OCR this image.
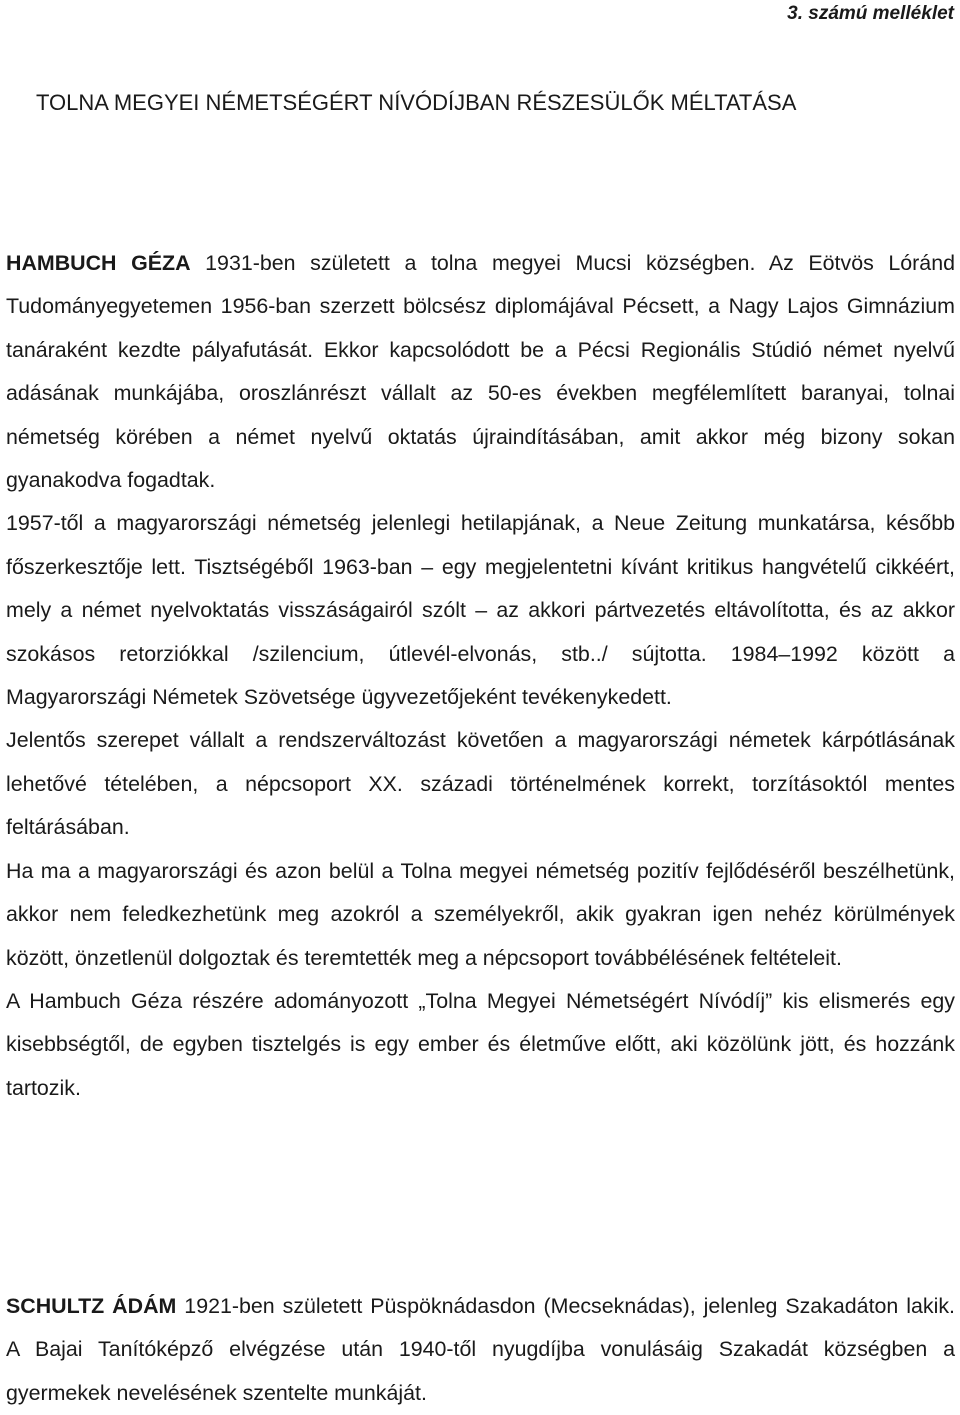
3. számú melléklet
TOLNA MEGYEI NÉMETSÉGÉRT NÍVÓDÍJBAN RÉSZESÜLŐK MÉLTATÁSA

HAMBUCH GÉZA 1931-ben született a tolna megyei Mucsi községben. Az Eötvös Lóránd Tudományegyetemen 1956-ban szerzett bölcsész diplomájával Pécsett, a Nagy Lajos Gimnázium tanáraként kezdte pályafutását. Ekkor kapcsolódott be a Pécsi Regionális Stúdió német nyelvű adásának munkájába, oroszlánrészt vállalt az 50-es években megfélemlített baranyai, tolnai németség körében a német nyelvű oktatás újraindításában, amit akkor még bizony sokan gyanakodva fogadtak.

1957-től a magyarországi németség jelenlegi hetilapjának, a Neue Zeitung munkatársa, később főszerkesztője lett. Tisztségéből 1963-ban – egy megjelentetni kívánt kritikus hangvételű cikkéért, mely a német nyelvoktatás visszáságairól szólt – az akkori pártvezetés eltávolította, és az akkor szokásos retorziókkal /szilencium, útlevél-elvonás, stb../ sújtotta. 1984–1992 között a Magyarországi Németek Szövetsége ügyvezetőjeként tevékenykedett.

Jelentős szerepet vállalt a rendszerváltozást követően a magyarországi németek kárpótlásának lehetővé tételében, a népcsoport XX. századi történelmének korrekt, torzításoktól mentes feltárásában.

Ha ma a magyarországi és azon belül a Tolna megyei németség pozitív fejlődéséről beszélhetünk, akkor nem feledkezhetünk meg azokról a személyekről, akik gyakran igen nehéz körülmények között, önzetlenül dolgoztak és teremtették meg a népcsoport továbbélésének feltételeit.

A Hambuch Géza részére adományozott „Tolna Megyei Németségért Nívódíj” kis elismerés egy kisebbségtől, de egyben tisztelgés is egy ember és életműve előtt, aki közölünk jött, és hozzánk tartozik.

SCHULTZ ÁDÁM 1921-ben született Püspöknádasdon (Mecseknádas), jelenleg Szakadáton lakik. A Bajai Tanítóképző elvégzése után 1940-től nyugdíjba vonulásáig Szakadát községben a gyermekek nevelésének szentelte munkáját.
